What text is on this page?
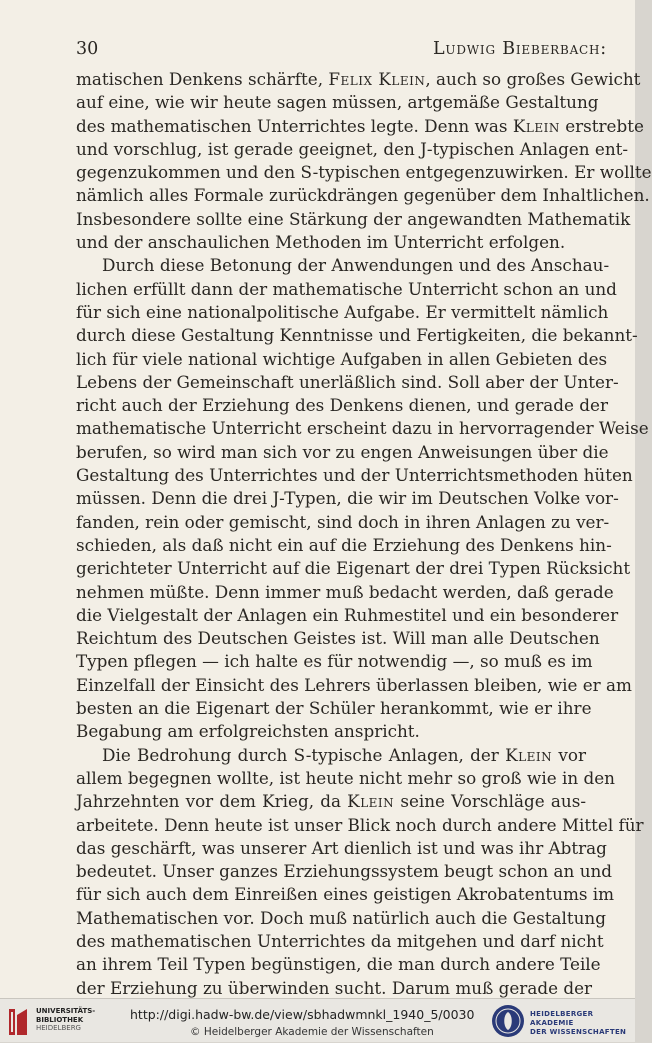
30	Ludwig Bieberbach:

matischen Denkens schärfte, Felix Klein, auch so großes Gewicht

auf eine, wie wir heute sagen müssen, artgemäße Gestaltung

des mathematischen Unterrichtes legte. Denn was Klein erstrebte

und vorschlug, ist gerade geeignet, den J-typischen Anlagen ent-

gegenzukommen und den S-typischen entgegenzuwirken. Er wollte

nämlich alles Formale zurückdrängen gegenüber dem Inhaltlichen.

Insbesondere sollte eine Stärkung der angewandten Mathematik

und der anschaulichen Methoden im Unterricht erfolgen.

Durch diese Betonung der Anwendungen und des Anschau-

lichen erfüllt dann der mathematische Unterricht schon an und

für sich eine nationalpolitische Aufgabe. Er vermittelt nämlich

durch diese Gestaltung Kenntnisse und Fertigkeiten, die bekannt-

lich für viele national wichtige Aufgaben in allen Gebieten des

Lebens der Gemeinschaft unerläßlich sind. Soll aber der Unter-

richt auch der Erziehung des Denkens dienen, und gerade der

mathematische Unterricht erscheint dazu in hervorragender Weise

berufen, so wird man sich vor zu engen Anweisungen über die

Gestaltung des Unterrichtes und der Unterrichtsmethoden hüten

müssen. Denn die drei J-Typen, die wir im Deutschen Volke vor-

fanden, rein oder gemischt, sind doch in ihren Anlagen zu ver-

schieden, als daß nicht ein auf die Erziehung des Denkens hin-

gerichteter Unterricht auf die Eigenart der drei Typen Rücksicht

nehmen müßte. Denn immer muß bedacht werden, daß gerade

die Vielgestalt der Anlagen ein Ruhmestitel und ein besonderer

Reichtum des Deutschen Geistes ist. Will man alle Deutschen

Typen pflegen — ich halte es für notwendig —, so muß es im

Einzelfall der Einsicht des Lehrers überlassen bleiben, wie er am

besten an die Eigenart der Schüler herankommt, wie er ihre

Begabung am erfolgreichsten anspricht.

Die Bedrohung durch S-typische Anlagen, der Klein vor

allem begegnen wollte, ist heute nicht mehr so groß wie in den

Jahrzehnten vor dem Krieg, da Klein seine Vorschläge aus-

arbeitete. Denn heute ist unser Blick noch durch andere Mittel für

das geschärft, was unserer Art dienlich ist und was ihr Abtrag

bedeutet. Unser ganzes Erziehungssystem beugt schon an und

für sich auch dem Einreißen eines geistigen Akrobatentums im

Mathematischen vor. Doch muß natürlich auch die Gestaltung

des mathematischen Unterrichtes da mitgehen und darf nicht

an ihrem Teil Typen begünstigen, die man durch andere Teile

der Erziehung zu überwinden sucht. Darum muß gerade der

UNIVERSITÄTS-
BIBLIOTHEK
HEIDELBERG
http://digi.hadw-bw.de/view/sbhadwmnkl_1940_5/0030
© Heidelberger Akademie der Wissenschaften
HEIDELBERGER AKADEMIE
DER WISSENSCHAFTEN
